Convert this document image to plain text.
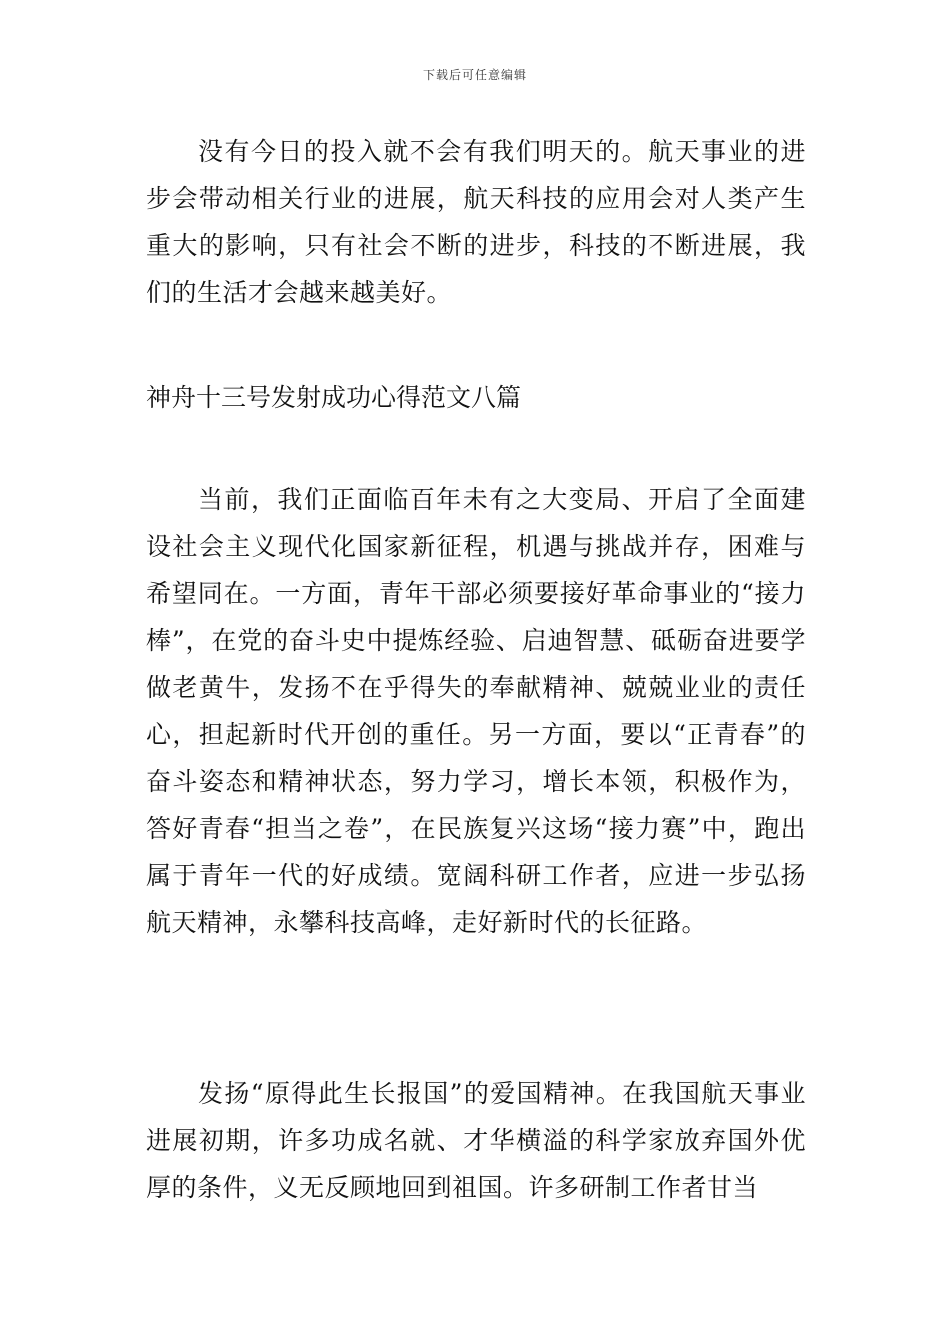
下载后可任意编辑

没有今日的投入就不会有我们明天的。航天事业的进步会带动相关行业的进展，航天科技的应用会对人类产生重大的影响，只有社会不断的进步，科技的不断进展，我们的生活才会越来越美好。

神舟十三号发射成功心得范文八篇

当前，我们正面临百年未有之大变局、开启了全面建设社会主义现代化国家新征程，机遇与挑战并存，困难与希望同在。一方面，青年干部必须要接好革命事业的“接力棒”，在党的奋斗史中提炼经验、启迪智慧、砥砺奋进要学做老黄牛，发扬不在乎得失的奉献精神、兢兢业业的责任心，担起新时代开创的重任。另一方面，要以“正青春”的奋斗姿态和精神状态，努力学习，增长本领，积极作为，答好青春“担当之卷”，在民族复兴这场“接力赛”中，跑出属于青年一代的好成绩。宽阔科研工作者，应进一步弘扬航天精神，永攀科技高峰，走好新时代的长征路。

发扬“原得此生长报国”的爱国精神。在我国航天事业进展初期，许多功成名就、才华横溢的科学家放弃国外优厚的条件，义无反顾地回到祖国。许多研制工作者甘当
